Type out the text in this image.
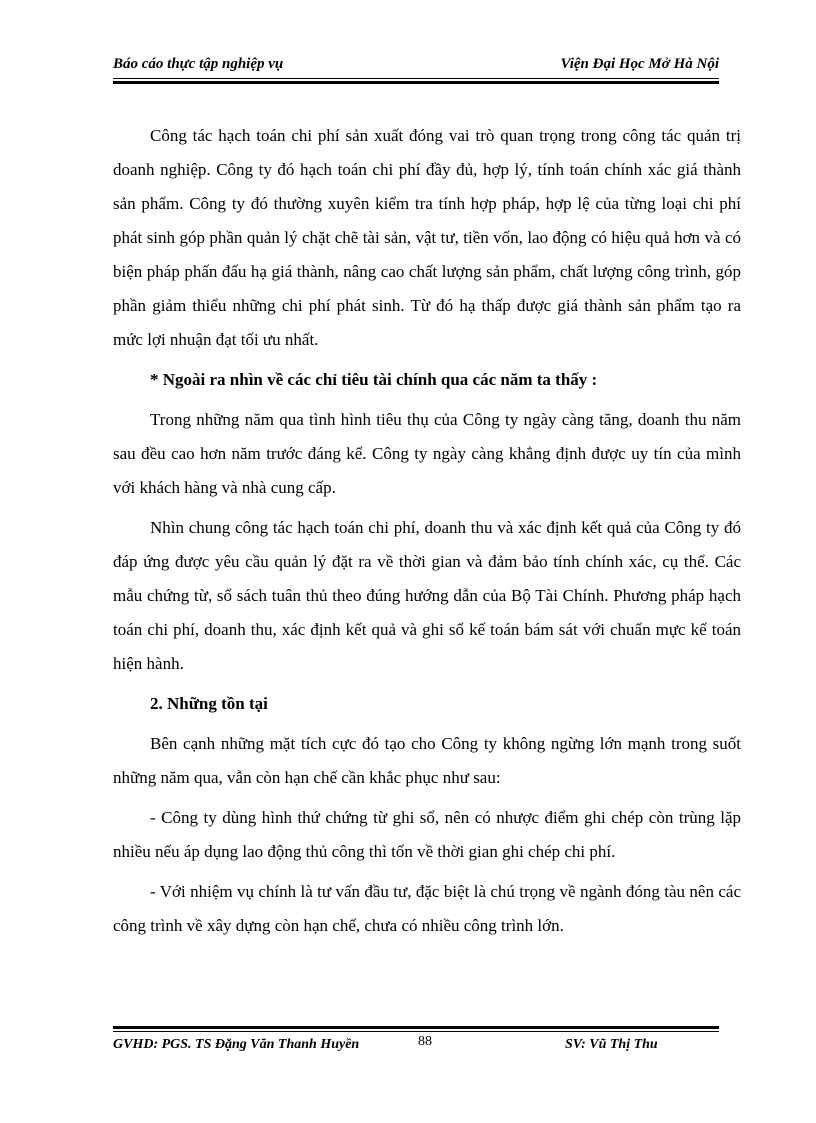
Báo cáo thực tập nghiệp vụ	Viện Đại Học Mở Hà Nội

Công tác hạch toán chi phí sản xuất đóng vai trò quan trọng trong công tác quản trị doanh nghiệp. Công ty đó hạch toán chi phí đầy đủ, hợp lý, tính toán chính xác giá thành sản phẩm. Công ty đó thường xuyên kiểm tra tính hợp pháp, hợp lệ của từng loại chi phí phát sinh góp phần quản lý chặt chẽ tài sản, vật tư, tiền vốn, lao động có hiệu quả hơn và có biện pháp phấn đấu hạ giá thành, nâng cao chất lượng sản phẩm, chất lượng công trình, góp phần giảm thiểu những chi phí phát sinh. Từ đó hạ thấp được giá thành sản phẩm tạo ra mức lợi nhuận đạt tối ưu nhất.

* Ngoài ra nhìn về các chỉ tiêu tài chính qua các năm ta thấy :

Trong những năm qua tình hình tiêu thụ của Công ty ngày càng tăng, doanh thu năm sau đều cao hơn năm trước đáng kể. Công ty ngày càng khẳng định được uy tín của mình với khách hàng và nhà cung cấp.

Nhìn chung công tác hạch toán chi phí, doanh thu và xác định kết quả của Công ty đó đáp ứng được yêu cầu quản lý đặt ra về thời gian và đảm bảo tính chính xác, cụ thể. Các mẫu chứng từ, sổ sách tuân thủ theo đúng hướng dẫn của Bộ Tài Chính. Phương pháp hạch toán chi phí, doanh thu, xác định kết quả và ghi sổ kế toán bám sát với chuẩn mực kế toán hiện hành.

2. Những tồn tại

Bên cạnh những mặt tích cực đó tạo cho Công ty không ngừng lớn mạnh trong suốt những năm qua, vẫn còn hạn chế cần khắc phục như sau:

- Công ty dùng hình thứ chứng từ ghi sổ, nên có nhược điểm ghi chép còn trùng lặp nhiều nếu áp dụng lao động thủ công thì tốn về thời gian ghi chép chi phí.

- Với nhiệm vụ chính là tư vấn đầu tư, đặc biệt là chú trọng về ngành đóng tàu nên các công trình về xây dựng còn hạn chế, chưa có nhiều công trình lớn.

GVHD: PGS. TS Đặng Văn Thanh Huyền	88	SV: Vũ Thị Thu
